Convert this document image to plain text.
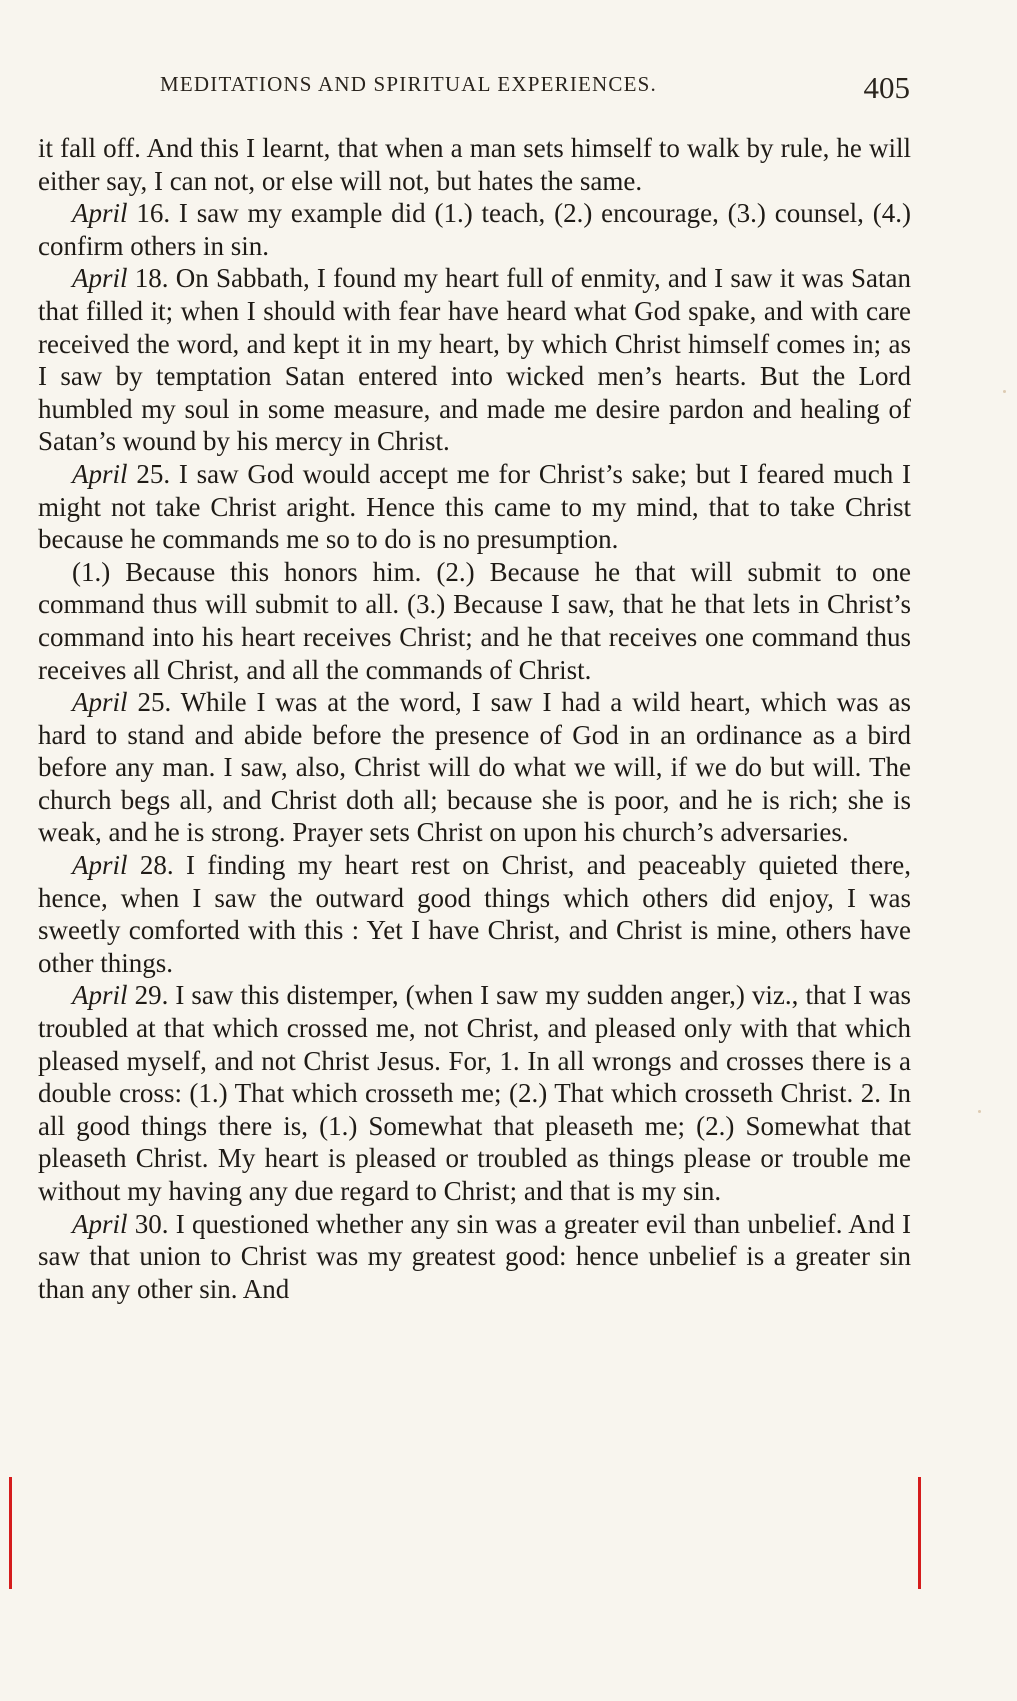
MEDITATIONS AND SPIRITUAL EXPERIENCES.	405

it fall off. And this I learnt, that when a man sets himself to walk by rule, he will either say, I can not, or else will not, but hates the same.

April 16. I saw my example did (1.) teach, (2.) encourage, (3.) counsel, (4.) confirm others in sin.

April 18. On Sabbath, I found my heart full of enmity, and I saw it was Satan that filled it; when I should with fear have heard what God spake, and with care received the word, and kept it in my heart, by which Christ himself comes in; as I saw by temptation Satan entered into wicked men’s hearts. But the Lord humbled my soul in some measure, and made me desire pardon and healing of Satan’s wound by his mercy in Christ.

April 25. I saw God would accept me for Christ’s sake; but I feared much I might not take Christ aright. Hence this came to my mind, that to take Christ because he commands me so to do is no presumption.

(1.) Because this honors him. (2.) Because he that will submit to one command thus will submit to all. (3.) Because I saw, that he that lets in Christ’s command into his heart receives Christ; and he that receives one command thus receives all Christ, and all the commands of Christ.

April 25. While I was at the word, I saw I had a wild heart, which was as hard to stand and abide before the presence of God in an ordinance as a bird before any man. I saw, also, Christ will do what we will, if we do but will. The church begs all, and Christ doth all; because she is poor, and he is rich; she is weak, and he is strong. Prayer sets Christ on upon his church’s adversaries.

April 28. I finding my heart rest on Christ, and peaceably quieted there, hence, when I saw the outward good things which others did enjoy, I was sweetly comforted with this : Yet I have Christ, and Christ is mine, others have other things.

April 29. I saw this distemper, (when I saw my sudden anger,) viz., that I was troubled at that which crossed me, not Christ, and pleased only with that which pleased myself, and not Christ Jesus. For, 1. In all wrongs and crosses there is a double cross: (1.) That which crosseth me; (2.) That which crosseth Christ. 2. In all good things there is, (1.) Somewhat that pleaseth me; (2.) Somewhat that pleaseth Christ. My heart is pleased or troubled as things please or trouble me without my having any due regard to Christ; and that is my sin.

April 30. I questioned whether any sin was a greater evil than unbelief. And I saw that union to Christ was my greatest good: hence unbelief is a greater sin than any other sin. And
